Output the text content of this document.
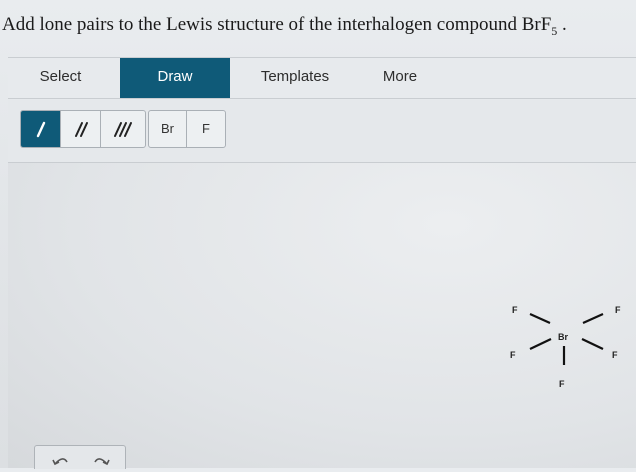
Add lone pairs to the Lewis structure of the interhalogen compound BrF$_5$ .
Select	Draw	Templates	More
Br	F
Br
F	F
F	F
F
